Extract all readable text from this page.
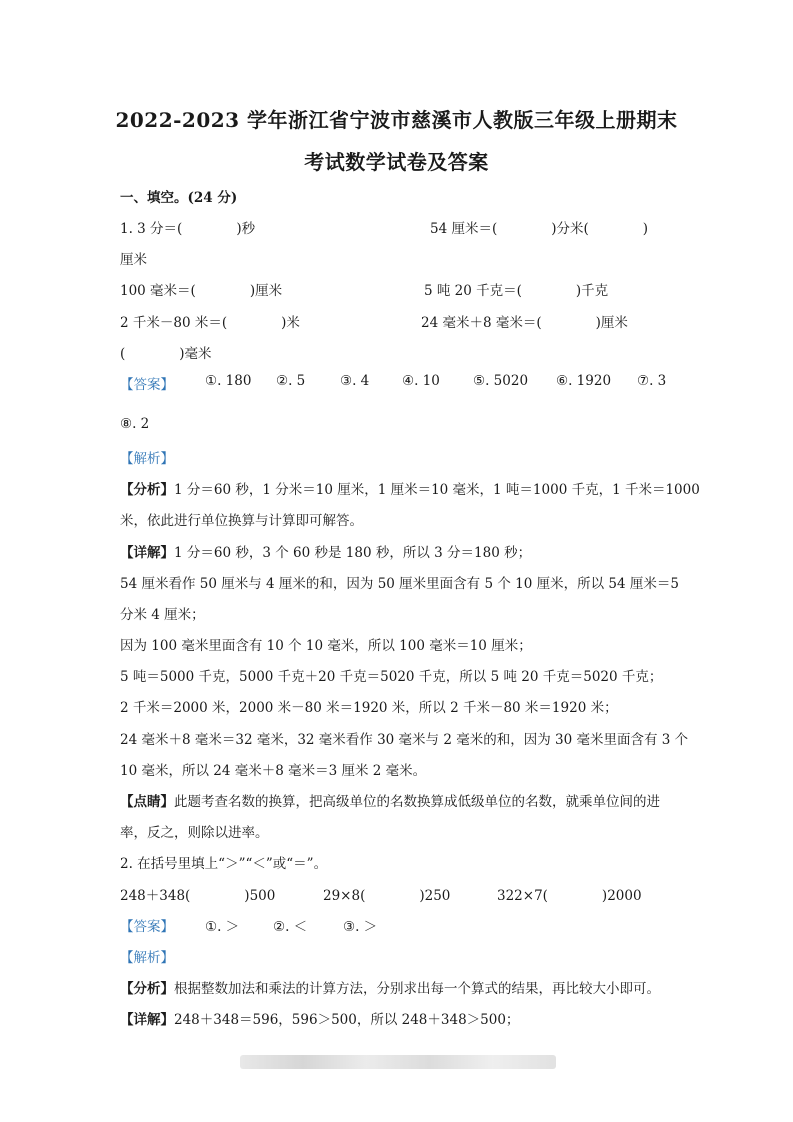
2022-2023 学年浙江省宁波市慈溪市人教版三年级上册期末
考试数学试卷及答案
一、填空。(24 分)
1. 3 分＝(　　　　)秒	54 厘米＝(　　　　)分米(　　　　)
厘米
100 毫米＝(　　　　)厘米	5 吨 20 千克＝(　　　　)千克
2 千米－80 米＝(　　　　)米	24 毫米＋8 毫米＝(　　　　)厘米
(　　　　)毫米
【答案】 ①. 180 ②. 5	③. 4 ④. 10 ⑤. 5020 ⑥. 1920 ⑦. 3
⑧. 2
【解析】
【分析】1 分＝60 秒，1 分米＝10 厘米，1 厘米＝10 毫米，1 吨＝1000 千克，1 千米＝1000
米，依此进行单位换算与计算即可解答。
【详解】1 分＝60 秒，3 个 60 秒是 180 秒，所以 3 分＝180 秒；
54 厘米看作 50 厘米与 4 厘米的和，因为 50 厘米里面含有 5 个 10 厘米，所以 54 厘米＝5
分米 4 厘米；
因为 100 毫米里面含有 10 个 10 毫米，所以 100 毫米＝10 厘米；
5 吨＝5000 千克，5000 千克＋20 千克＝5020 千克，所以 5 吨 20 千克＝5020 千克；
2 千米＝2000 米，2000 米－80 米＝1920 米，所以 2 千米－80 米＝1920 米；
24 毫米＋8 毫米＝32 毫米，32 毫米看作 30 毫米与 2 毫米的和，因为 30 毫米里面含有 3 个
10 毫米，所以 24 毫米＋8 毫米＝3 厘米 2 毫米。
【点睛】此题考查名数的换算，把高级单位的名数换算成低级单位的名数，就乘单位间的进
率，反之，则除以进率。
2. 在括号里填上“＞”“＜”或“＝”。
248＋348(　　　　)500	29×8(　　　　)250	322×7(　　　　)2000
【答案】 ①. ＞	②. ＜	③. ＞
【解析】
【分析】根据整数加法和乘法的计算方法，分别求出每一个算式的结果，再比较大小即可。
【详解】248＋348＝596，596＞500，所以 248＋348＞500；
